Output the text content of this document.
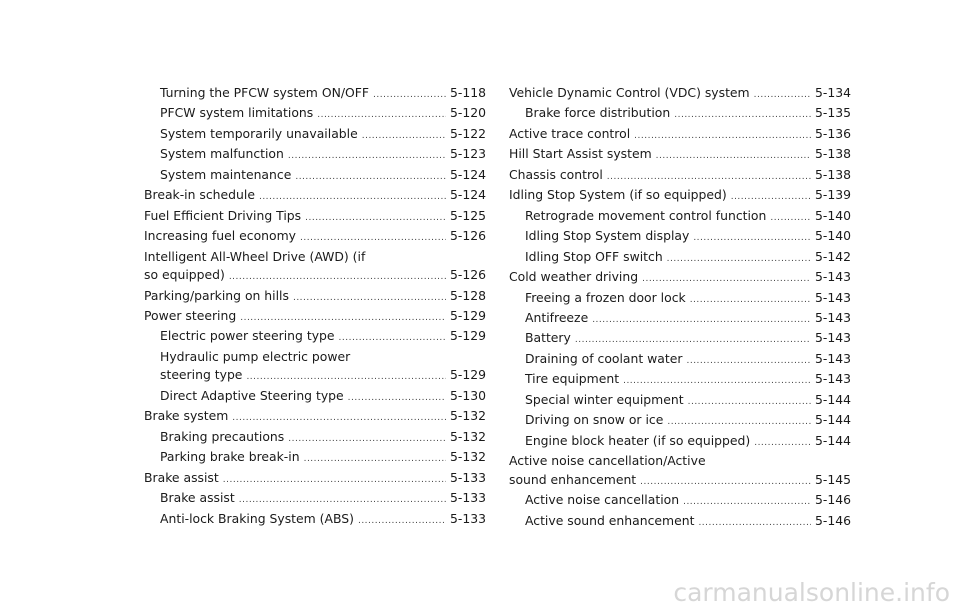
Turning the PFCW system ON/OFF .....	5-118
PFCW system limitations .....	5-120
System temporarily unavailable .....	5-122
System malfunction .....	5-123
System maintenance .....	5-124
Break-in schedule .....	5-124
Fuel Efficient Driving Tips .....	5-125
Increasing fuel economy .....	5-126
Intelligent All-Wheel Drive (AWD) (if
so equipped) .....	5-126
Parking/parking on hills .....	5-128
Power steering .....	5-129
Electric power steering type .....	5-129
Hydraulic pump electric power
steering type .....	5-129
Direct Adaptive Steering type .....	5-130
Brake system .....	5-132
Braking precautions .....	5-132
Parking brake break-in .....	5-132
Brake assist .....	5-133
Brake assist .....	5-133
Anti-lock Braking System (ABS) .....	5-133
Vehicle Dynamic Control (VDC) system .....	5-134
Brake force distribution .....	5-135
Active trace control .....	5-136
Hill Start Assist system .....	5-138
Chassis control .....	5-138
Idling Stop System (if so equipped) .....	5-139
Retrograde movement control function .....	5-140
Idling Stop System display .....	5-140
Idling Stop OFF switch .....	5-142
Cold weather driving .....	5-143
Freeing a frozen door lock .....	5-143
Antifreeze .....	5-143
Battery .....	5-143
Draining of coolant water .....	5-143
Tire equipment .....	5-143
Special winter equipment .....	5-144
Driving on snow or ice .....	5-144
Engine block heater (if so equipped) .....	5-144
Active noise cancellation/Active
sound enhancement .....	5-145
Active noise cancellation .....	5-146
Active sound enhancement .....	5-146
carmanualsonline.info
